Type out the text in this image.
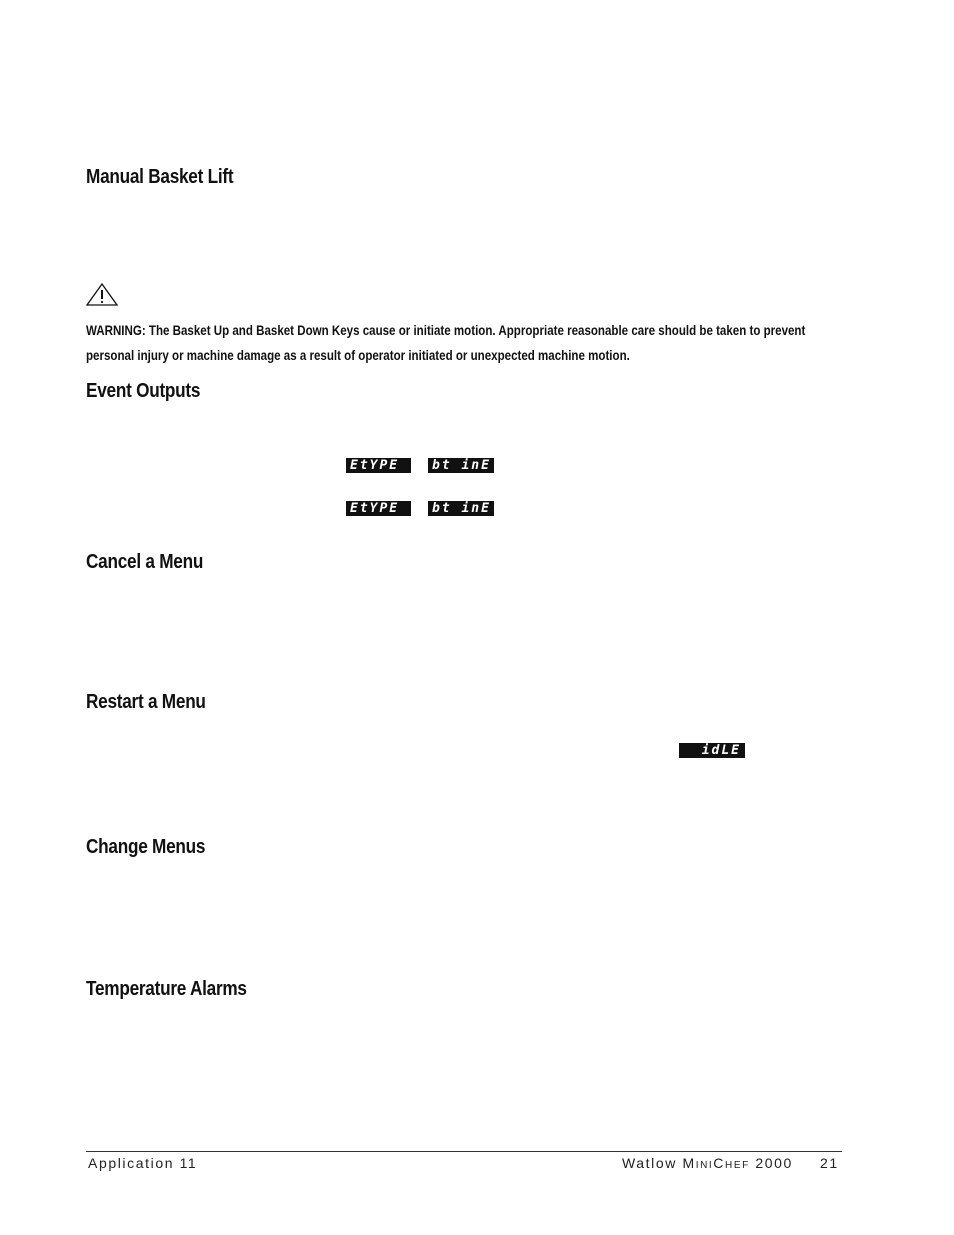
Manual Basket Lift

WARNING: The Basket Up and Basket Down Keys cause or initiate motion. Appropriate reasonable care should be taken to prevent personal injury or machine damage as a result of operator initiated or unexpected machine motion.

Event Outputs
EtYPE	bt inE
EtYPE	bt inE
Cancel a Menu
Restart a Menu
idLE
Change Menus
Temperature Alarms
Application 11	Watlow MiniChef 2000 21
